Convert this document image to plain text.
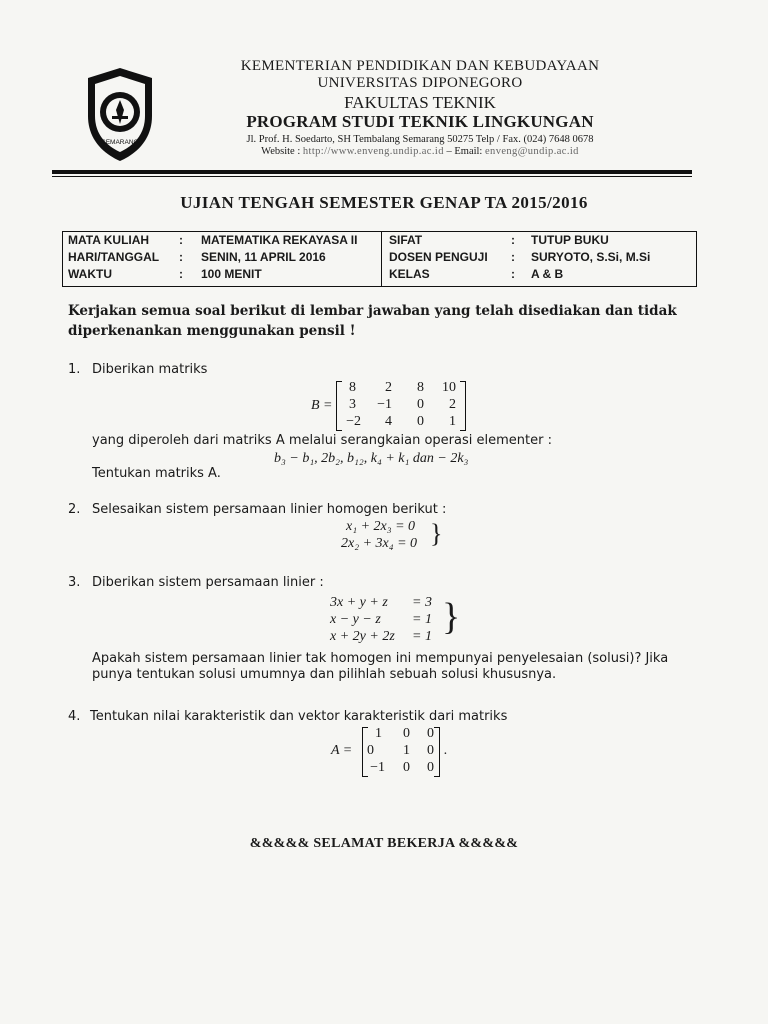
SEMARANG
KEMENTERIAN PENDIDIKAN DAN KEBUDAYAAN
UNIVERSITAS DIPONEGORO
FAKULTAS TEKNIK
PROGRAM STUDI TEKNIK LINGKUNGAN
Jl. Prof. H. Soedarto, SH Tembalang Semarang 50275 Telp / Fax. (024) 7648 0678
Website : http://www.enveng.undip.ac.id – Email: enveng@undip.ac.id
UJIAN TENGAH SEMESTER GENAP TA 2015/2016
MATA KULIAH : MATEMATIKA REKAYASA II	SIFAT	: TUTUP BUKU
HARI/TANGGAL : SENIN, 11 APRIL 2016	DOSEN PENGUJI : SURYOTO, S.Si, M.Si
WAKTU	: 100 MENIT	KELAS	: A & B
Kerjakan semua soal berikut di lembar jawaban yang telah disediakan dan tidak diperkenankan menggunakan pensil !
1. Diberikan matriks
B =
8	2	8	10
3	−1	0	2
−2	4	0	1
yang diperoleh dari matriks A melalui serangkaian operasi elementer :
b₃ − b₁, 2b₂, b₁₂, k₄ + k₁ dan − 2k₃
Tentukan matriks A.
2. Selesaikan sistem persamaan linier homogen berikut :
x₁ + 2x₃ = 0
2x₂ + 3x₄ = 0 }
3. Diberikan sistem persamaan linier :
3x + y + z = 3
x − y − z = 1
x + 2y + 2z = 1 }
Apakah sistem persamaan linier tak homogen ini mempunyai penyelesaian (solusi)? Jika
punya tentukan solusi umumnya dan pilihlah sebuah solusi khususnya.
4. Tentukan nilai karakteristik dan vektor karakteristik dari matriks
A =
1	0	0
0	1	0
−1	0	0
.
&&&&& SELAMAT BEKERJA &&&&&
